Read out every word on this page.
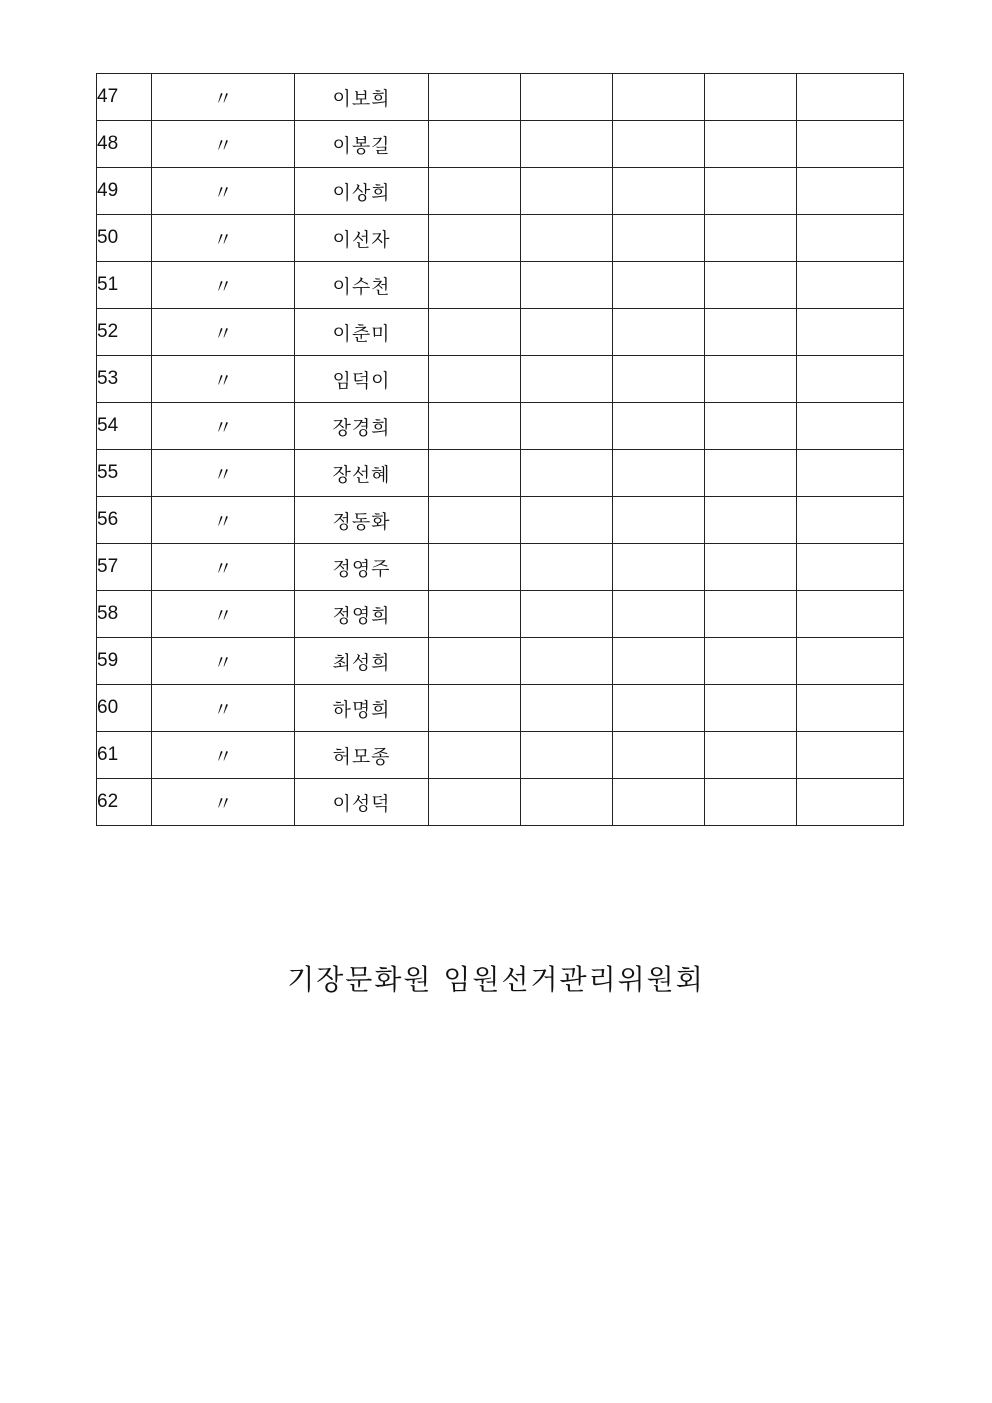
47	〃	이보희					
48	〃	이봉길					
49	〃	이상희					
50	〃	이선자					
51	〃	이수천					
52	〃	이춘미					
53	〃	임덕이					
54	〃	장경희					
55	〃	장선혜					
56	〃	정동화					
57	〃	정영주					
58	〃	정영희					
59	〃	최성희					
60	〃	하명희					
61	〃	허모종					
62	〃	이성덕					
기장문화원 임원선거관리위원회
